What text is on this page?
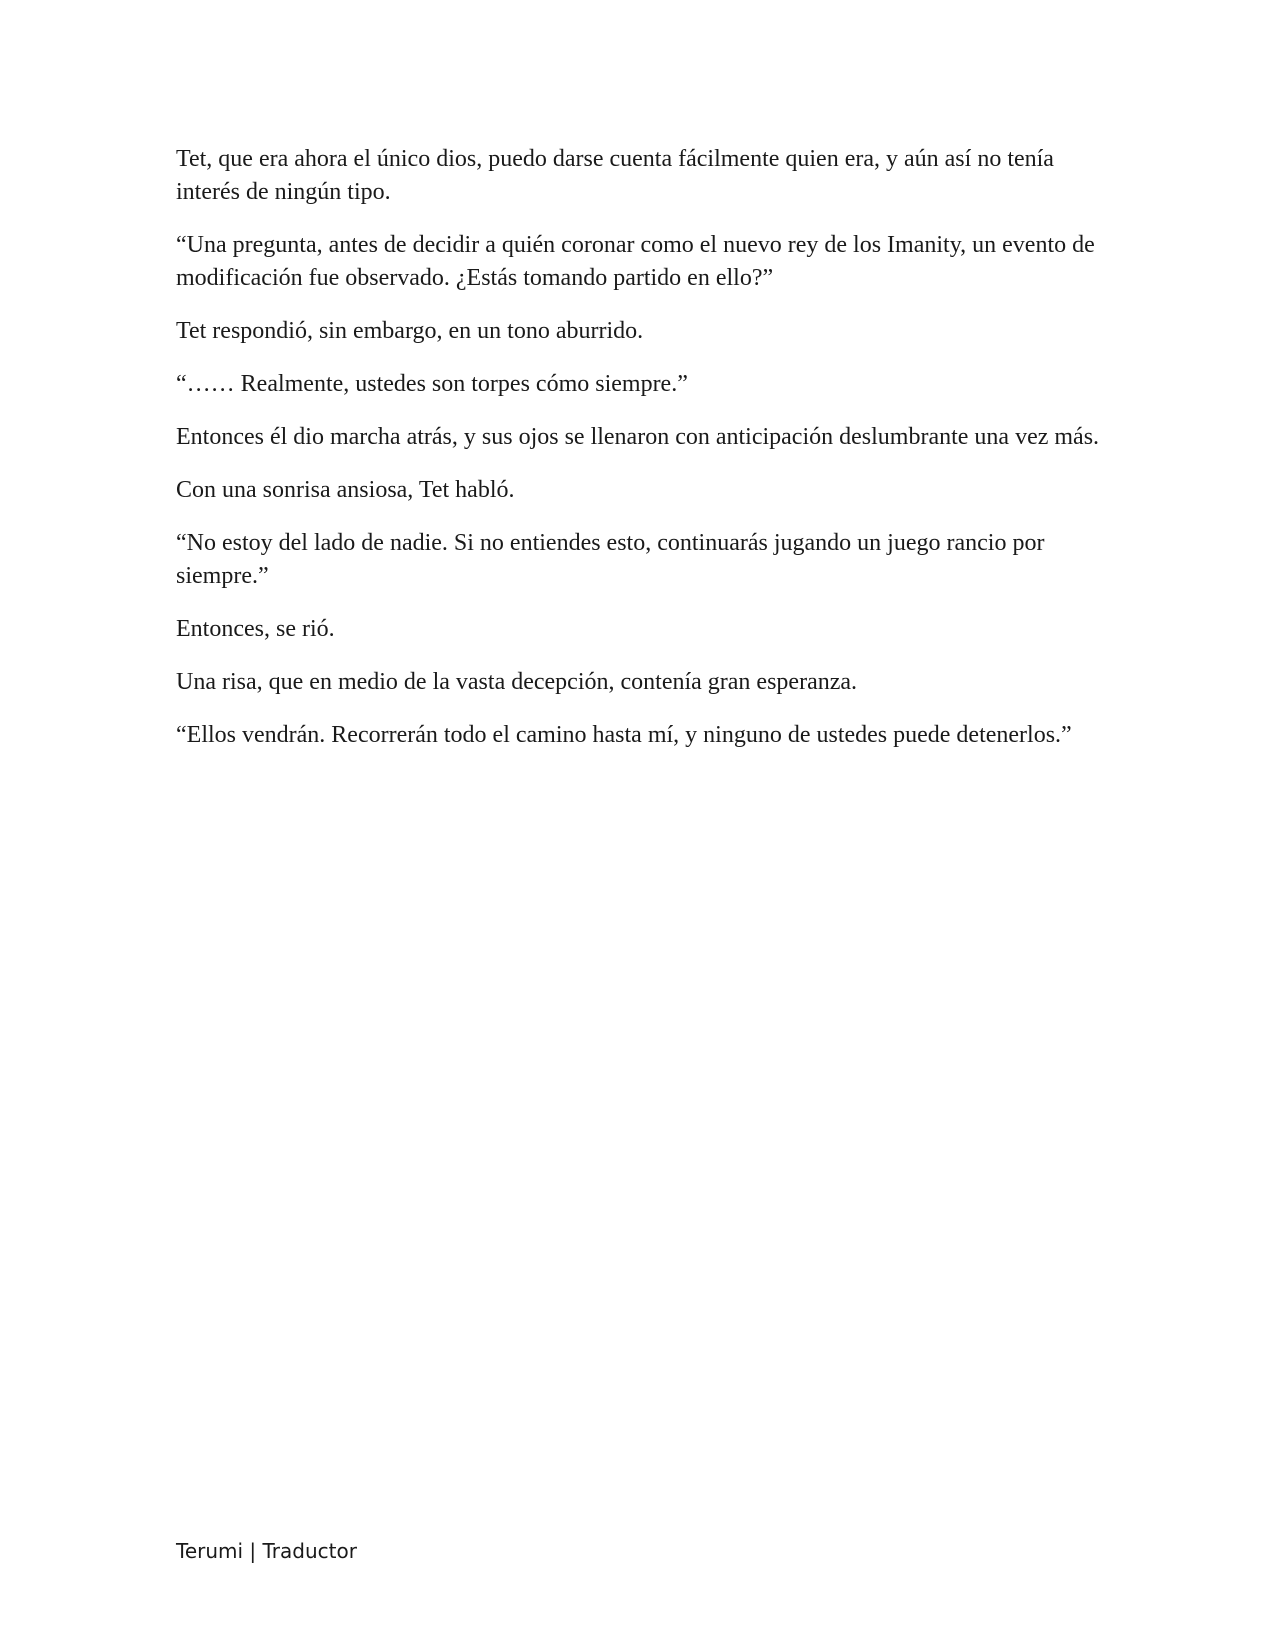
Tet, que era ahora el único dios, puedo darse cuenta fácilmente quien era, y aún así no tenía interés de ningún tipo.

“Una pregunta, antes de decidir a quién coronar como el nuevo rey de los Imanity, un evento de modificación fue observado. ¿Estás tomando partido en ello?”

Tet respondió, sin embargo, en un tono aburrido.

“…… Realmente, ustedes son torpes cómo siempre.”

Entonces él dio marcha atrás, y sus ojos se llenaron con anticipación deslumbrante una vez más.

Con una sonrisa ansiosa, Tet habló.

“No estoy del lado de nadie. Si no entiendes esto, continuarás jugando un juego rancio por siempre.”

Entonces, se rió.

Una risa, que en medio de la vasta decepción, contenía gran esperanza.

“Ellos vendrán. Recorrerán todo el camino hasta mí, y ninguno de ustedes puede detenerlos.”

Terumi | Traductor
